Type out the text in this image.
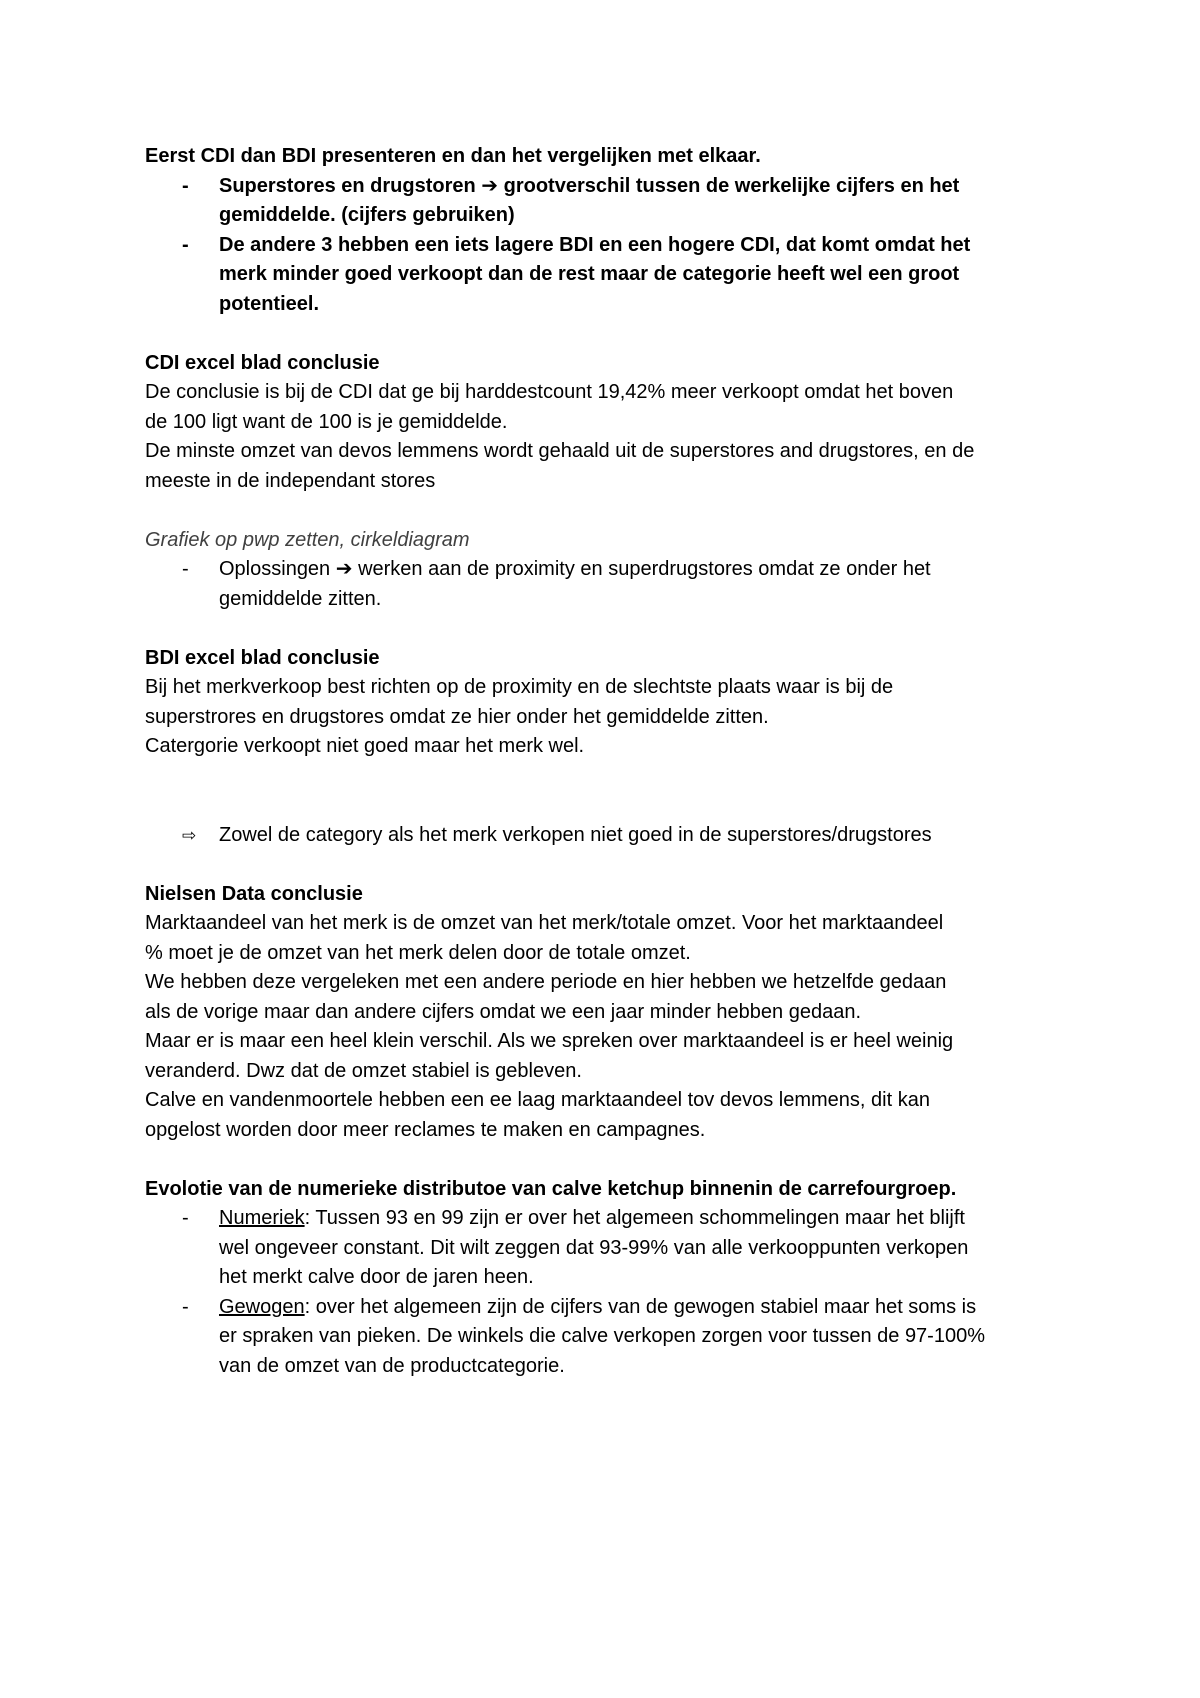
Eerst CDI dan BDI presenteren en dan het vergelijken met elkaar.
- Superstores en drugstoren ➔ grootverschil tussen de werkelijke cijfers en het
gemiddelde. (cijfers gebruiken)
- De andere 3 hebben een iets lagere BDI en een hogere CDI, dat komt omdat het
merk minder goed verkoopt dan de rest maar de categorie heeft wel een groot
potentieel.
CDI excel blad conclusie
De conclusie is bij de CDI dat ge bij harddestcount 19,42% meer verkoopt omdat het boven
de 100 ligt want de 100 is je gemiddelde.
De minste omzet van devos lemmens wordt gehaald uit de superstores and drugstores, en de
meeste in de independant stores
Grafiek op pwp zetten, cirkeldiagram
- Oplossingen ➔ werken aan de proximity en superdrugstores omdat ze onder het
gemiddelde zitten.
BDI excel blad conclusie
Bij het merkverkoop best richten op de proximity en de slechtste plaats waar is bij de
superstrores en drugstores omdat ze hier onder het gemiddelde zitten.
Catergorie verkoopt niet goed maar het merk wel.
⇨ Zowel de category als het merk verkopen niet goed in de superstores/drugstores
Nielsen Data conclusie
Marktaandeel van het merk is de omzet van het merk/totale omzet. Voor het marktaandeel
% moet je de omzet van het merk delen door de totale omzet.
We hebben deze vergeleken met een andere periode en hier hebben we hetzelfde gedaan
als de vorige maar dan andere cijfers omdat we een jaar minder hebben gedaan.
Maar er is maar een heel klein verschil. Als we spreken over marktaandeel is er heel weinig
veranderd. Dwz dat de omzet stabiel is gebleven.
Calve en vandenmoortele hebben een ee laag marktaandeel tov devos lemmens, dit kan
opgelost worden door meer reclames te maken en campagnes.
Evolotie van de numerieke distributoe van calve ketchup binnenin de carrefourgroep.
- Numeriek: Tussen 93 en 99 zijn er over het algemeen schommelingen maar het blijft
wel ongeveer constant. Dit wilt zeggen dat 93-99% van alle verkooppunten verkopen
het merkt calve door de jaren heen.
- Gewogen: over het algemeen zijn de cijfers van de gewogen stabiel maar het soms is
er spraken van pieken. De winkels die calve verkopen zorgen voor tussen de 97-100%
van de omzet van de productcategorie.
